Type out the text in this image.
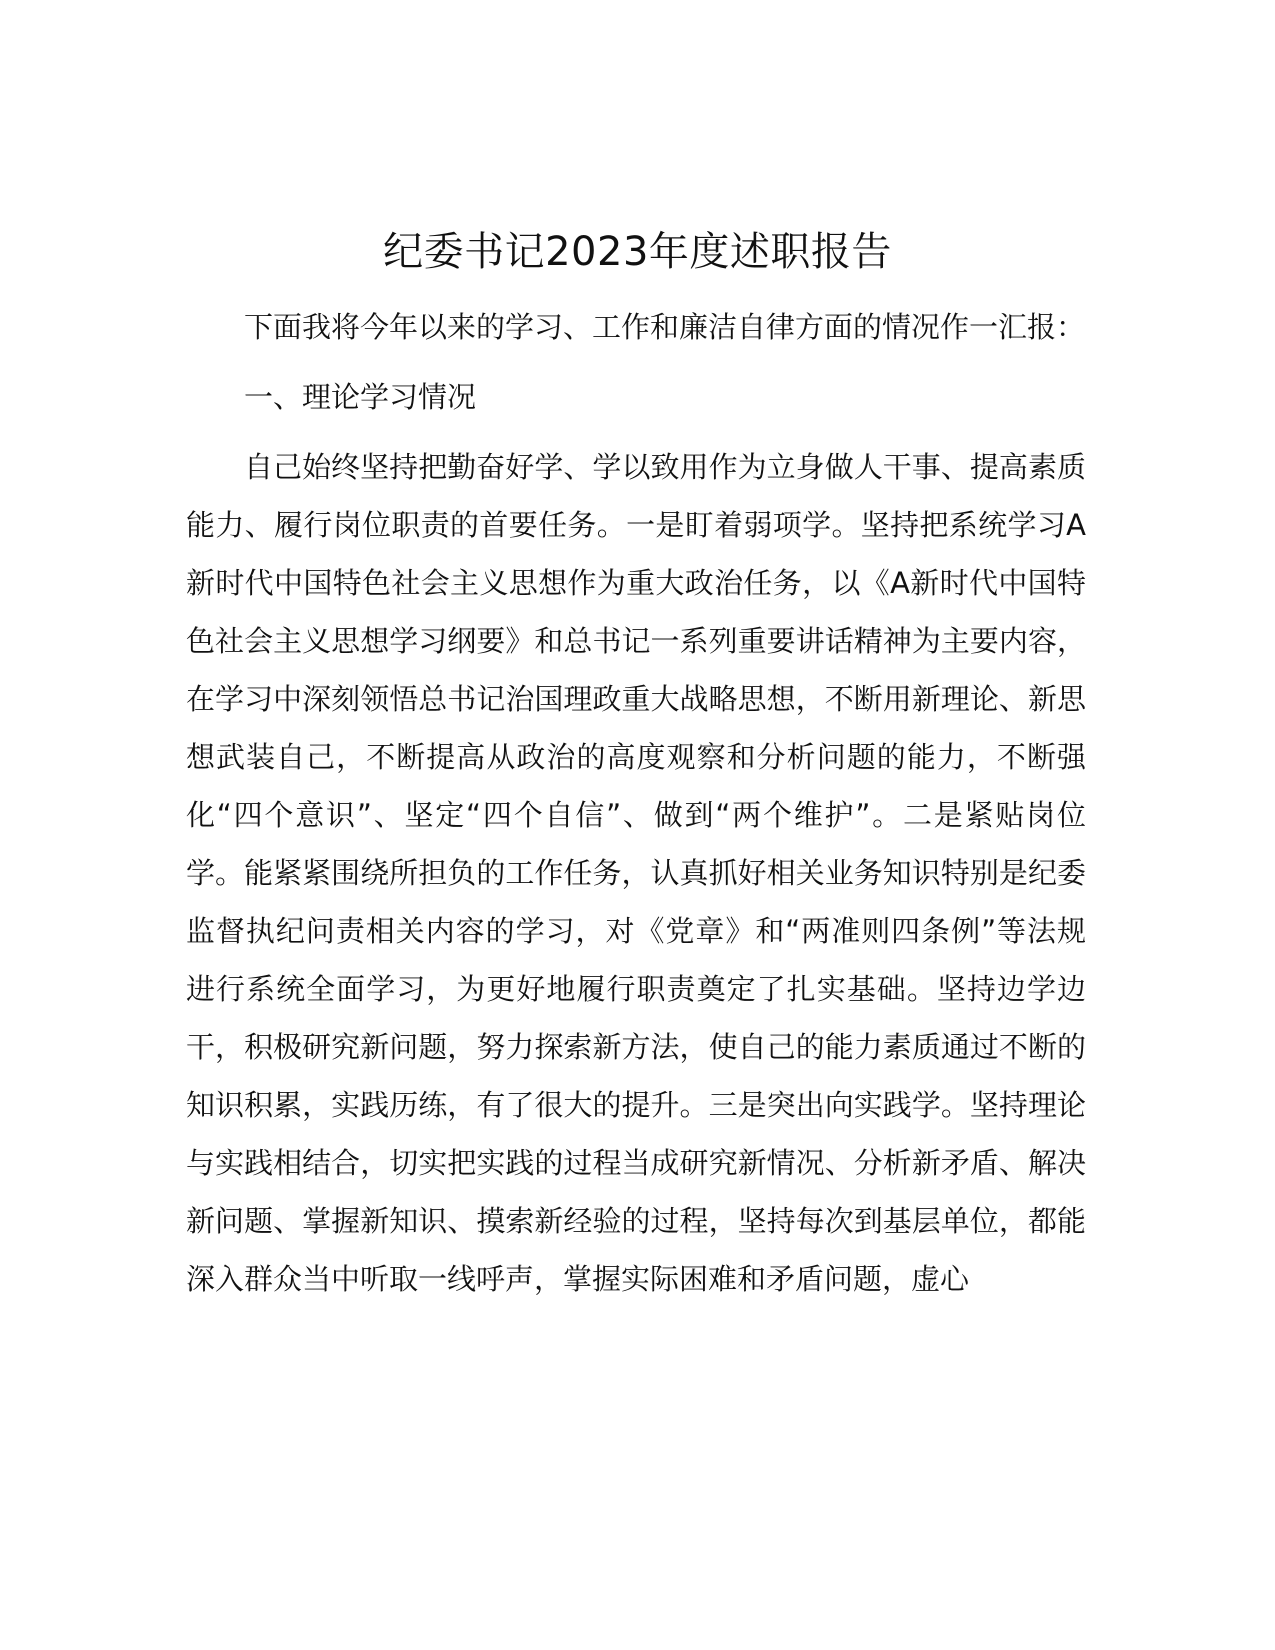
纪委书记2023年度述职报告

下面我将今年以来的学习、工作和廉洁自律方面的情况作一汇报：

一、理论学习情况

自己始终坚持把勤奋好学、学以致用作为立身做人干事、提高素质能力、履行岗位职责的首要任务。一是盯着弱项学。坚持把系统学习A新时代中国特色社会主义思想作为重大政治任务，以《A新时代中国特色社会主义思想学习纲要》和总书记一系列重要讲话精神为主要内容，在学习中深刻领悟总书记治国理政重大战略思想，不断用新理论、新思想武装自己，不断提高从政治的高度观察和分析问题的能力，不断强化“四个意识”、坚定“四个自信”、做到“两个维护”。二是紧贴岗位学。能紧紧围绕所担负的工作任务，认真抓好相关业务知识特别是纪委监督执纪问责相关内容的学习，对《党章》和“两准则四条例”等法规进行系统全面学习，为更好地履行职责奠定了扎实基础。坚持边学边干，积极研究新问题，努力探索新方法，使自己的能力素质通过不断的知识积累，实践历练，有了很大的提升。三是突出向实践学。坚持理论与实践相结合，切实把实践的过程当成研究新情况、分析新矛盾、解决新问题、掌握新知识、摸索新经验的过程，坚持每次到基层单位，都能深入群众当中听取一线呼声，掌握实际困难和矛盾问题，虚心
